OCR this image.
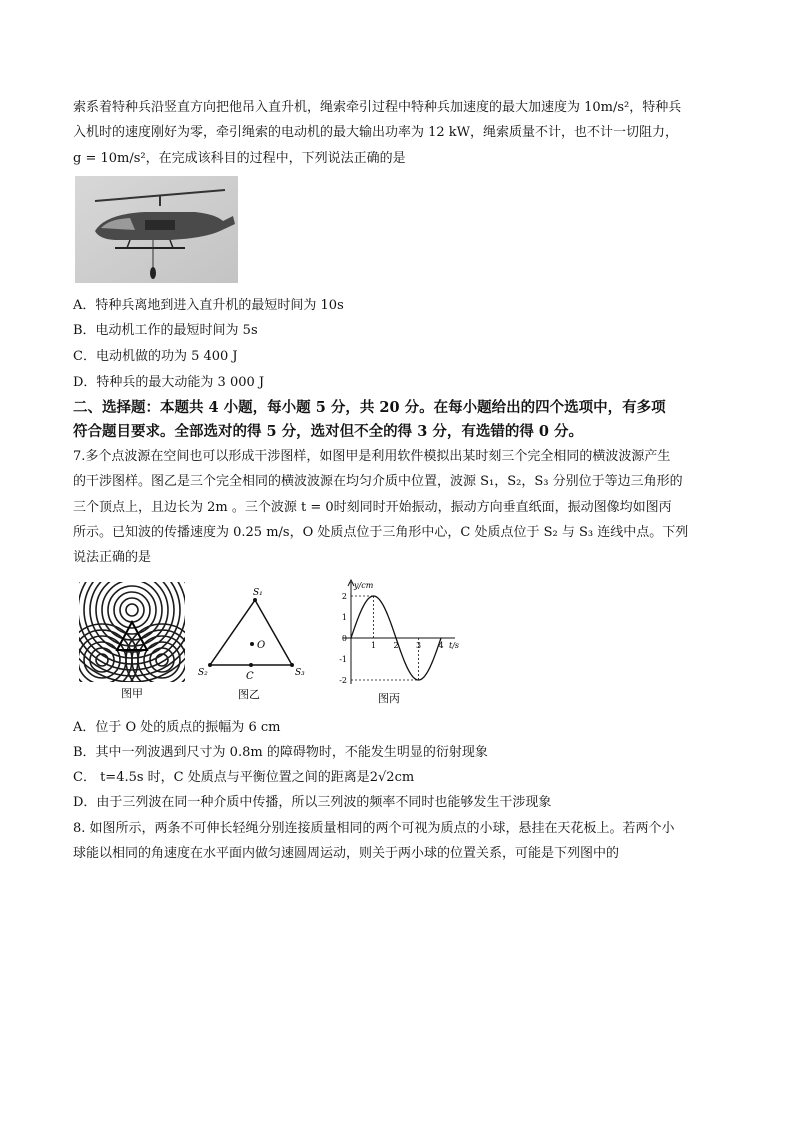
索系着特种兵沿竖直方向把他吊入直升机，绳索牵引过程中特种兵加速度的最大加速度为 10m/s²，特种兵
入机时的速度刚好为零，牵引绳索的电动机的最大输出功率为 12 kW，绳索质量不计，也不计一切阻力，
g = 10m/s²，在完成该科目的过程中，下列说法正确的是
A．特种兵离地到进入直升机的最短时间为 10s
B．电动机工作的最短时间为 5s
C．电动机做的功为 5 400 J
D．特种兵的最大动能为 3 000 J
二、选择题：本题共 4 小题，每小题 5 分，共 20 分。在每小题给出的四个选项中，有多项
符合题目要求。全部选对的得 5 分，选对但不全的得 3 分，有选错的得 0 分。
7.多个点波源在空间也可以形成干涉图样，如图甲是利用软件模拟出某时刻三个完全相同的横波波源产生
的干涉图样。图乙是三个完全相同的横波波源在均匀介质中位置，波源 S₁，S₂，S₃ 分别位于等边三角形的
三个顶点上，且边长为 2m 。三个波源 t = 0时刻同时开始振动，振动方向垂直纸面，振动图像均如图丙
所示。已知波的传播速度为 0.25 m/s，O 处质点位于三角形中心，C 处质点位于 S₂ 与 S₃ 连线中点。下列
说法正确的是
图甲
S₁
S₂	S₃
O
C
图乙
y/cm
t/s
2
1
0
-1
-2
1 2 3 4
图丙
A．位于 O 处的质点的振幅为 6 cm
B．其中一列波遇到尺寸为 0.8m 的障碍物时，不能发生明显的衍射现象
C． t=4.5s 时，C 处质点与平衡位置之间的距离是2√2cm
D．由于三列波在同一种介质中传播，所以三列波的频率不同时也能够发生干涉现象
8. 如图所示，两条不可伸长轻绳分别连接质量相同的两个可视为质点的小球，悬挂在天花板上。若两个小
球能以相同的角速度在水平面内做匀速圆周运动，则关于两小球的位置关系，可能是下列图中的
